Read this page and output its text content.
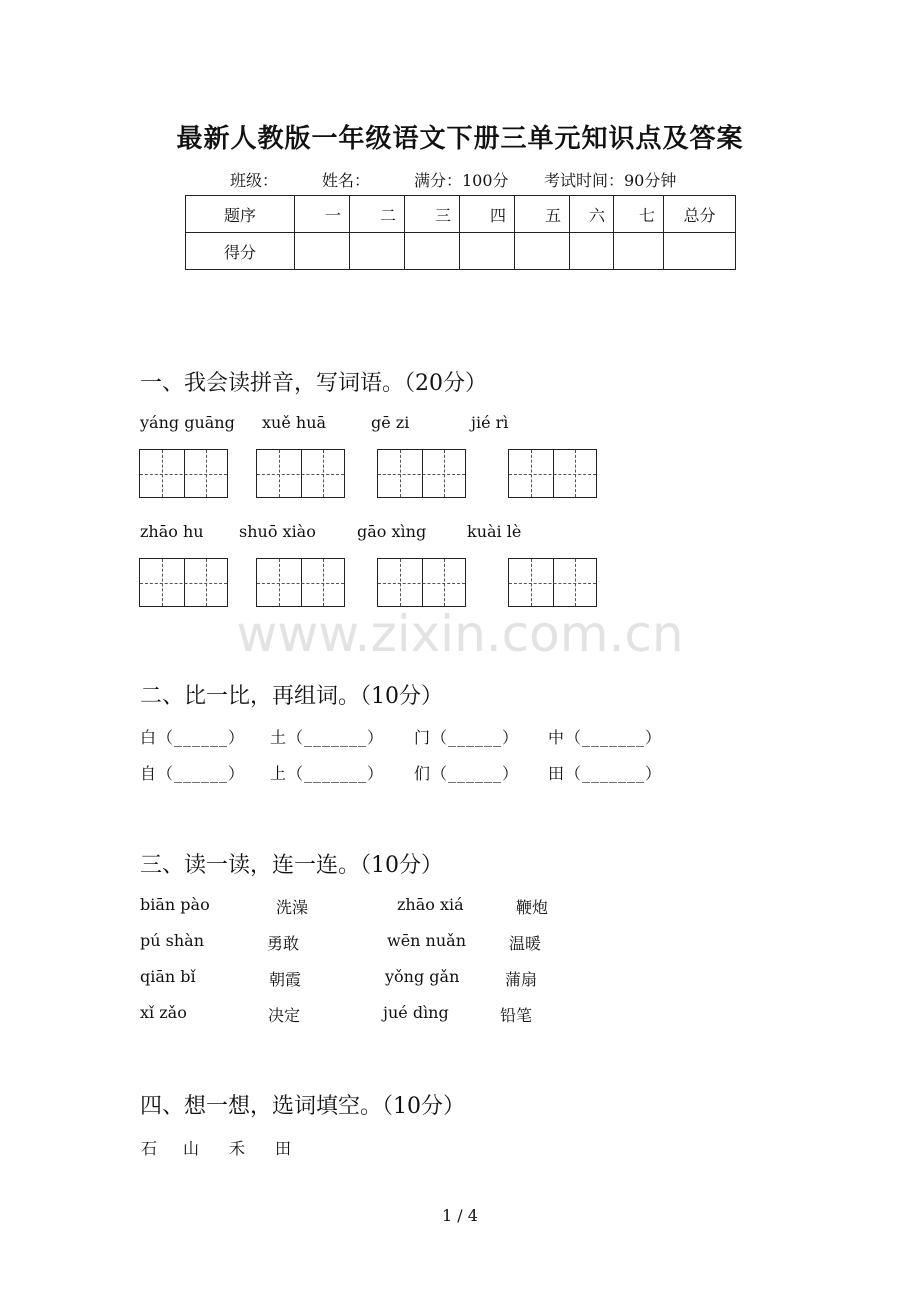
最新人教版一年级语文下册三单元知识点及答案
班级：	姓名：	满分：100分 考试时间：90分钟
题序	一	二	三	四	五	六	七	总分
得分								
一、我会读拼音，写词语。（20分）
yáng guāng xuě huā	gē zi	jié rì
zhāo hu shuō xiào	gāo xìng	kuài lè
www.zixin.com.cn
二、比一比，再组词。（10分）
白（______） 土（_______） 门（______） 中（_______）
自（______） 上（_______） 们（______） 田（_______）
三、读一读，连一连。（10分）
biān pào	洗澡	zhāo xiá	鞭炮
pú shàn	勇敢	wēn nuǎn	温暖
qiān bǐ	朝霞	yǒng gǎn	蒲扇
xǐ zǎo	决定	jué dìng	铅笔
四、想一想，选词填空。（10分）
石 山 禾 田
1 / 4
